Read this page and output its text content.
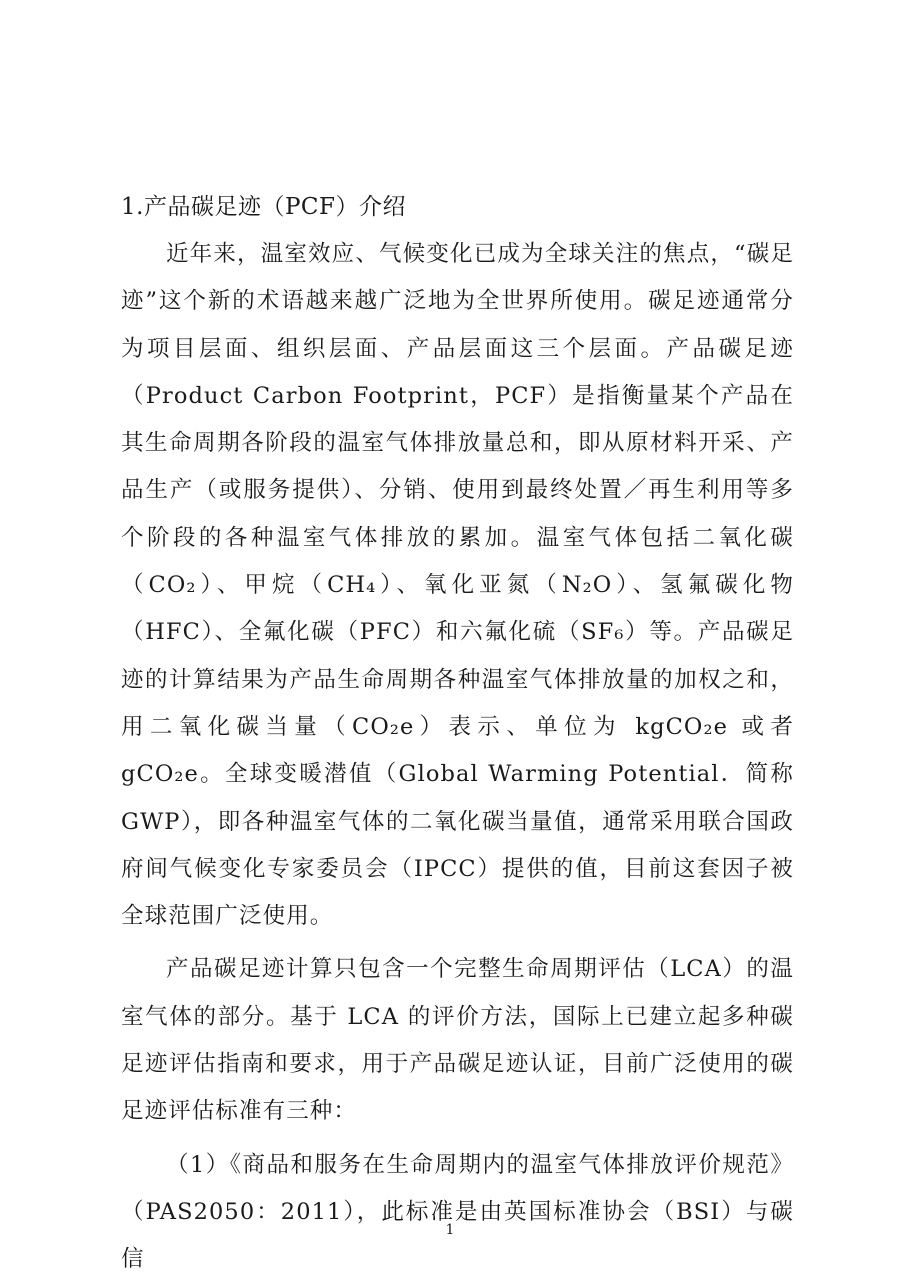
1.产品碳足迹（PCF）介绍

近年来，温室效应、气候变化已成为全球关注的焦点，“碳足迹”这个新的术语越来越广泛地为全世界所使用。碳足迹通常分为项目层面、组织层面、产品层面这三个层面。产品碳足迹（Product Carbon Footprint，PCF）是指衡量某个产品在其生命周期各阶段的温室气体排放量总和，即从原材料开采、产品生产（或服务提供）、分销、使用到最终处置／再生利用等多个阶段的各种温室气体排放的累加。温室气体包括二氧化碳（CO₂）、甲烷（CH₄）、氧化亚氮（N₂O）、氢氟碳化物（HFC）、全氟化碳（PFC）和六氟化硫（SF₆）等。产品碳足迹的计算结果为产品生命周期各种温室气体排放量的加权之和，用二氧化碳当量（CO₂e）表示、单位为 kgCO₂e 或者 gCO₂e。全球变暖潜值（Global Warming Potential．简称 GWP），即各种温室气体的二氧化碳当量值，通常采用联合国政府间气候变化专家委员会（IPCC）提供的值，目前这套因子被全球范围广泛使用。

产品碳足迹计算只包含一个完整生命周期评估（LCA）的温室气体的部分。基于 LCA 的评价方法，国际上已建立起多种碳足迹评估指南和要求，用于产品碳足迹认证，目前广泛使用的碳足迹评估标准有三种：

（1）《商品和服务在生命周期内的温室气体排放评价规范》（PAS2050：2011），此标准是由英国标准协会（BSI）与碳信

1
